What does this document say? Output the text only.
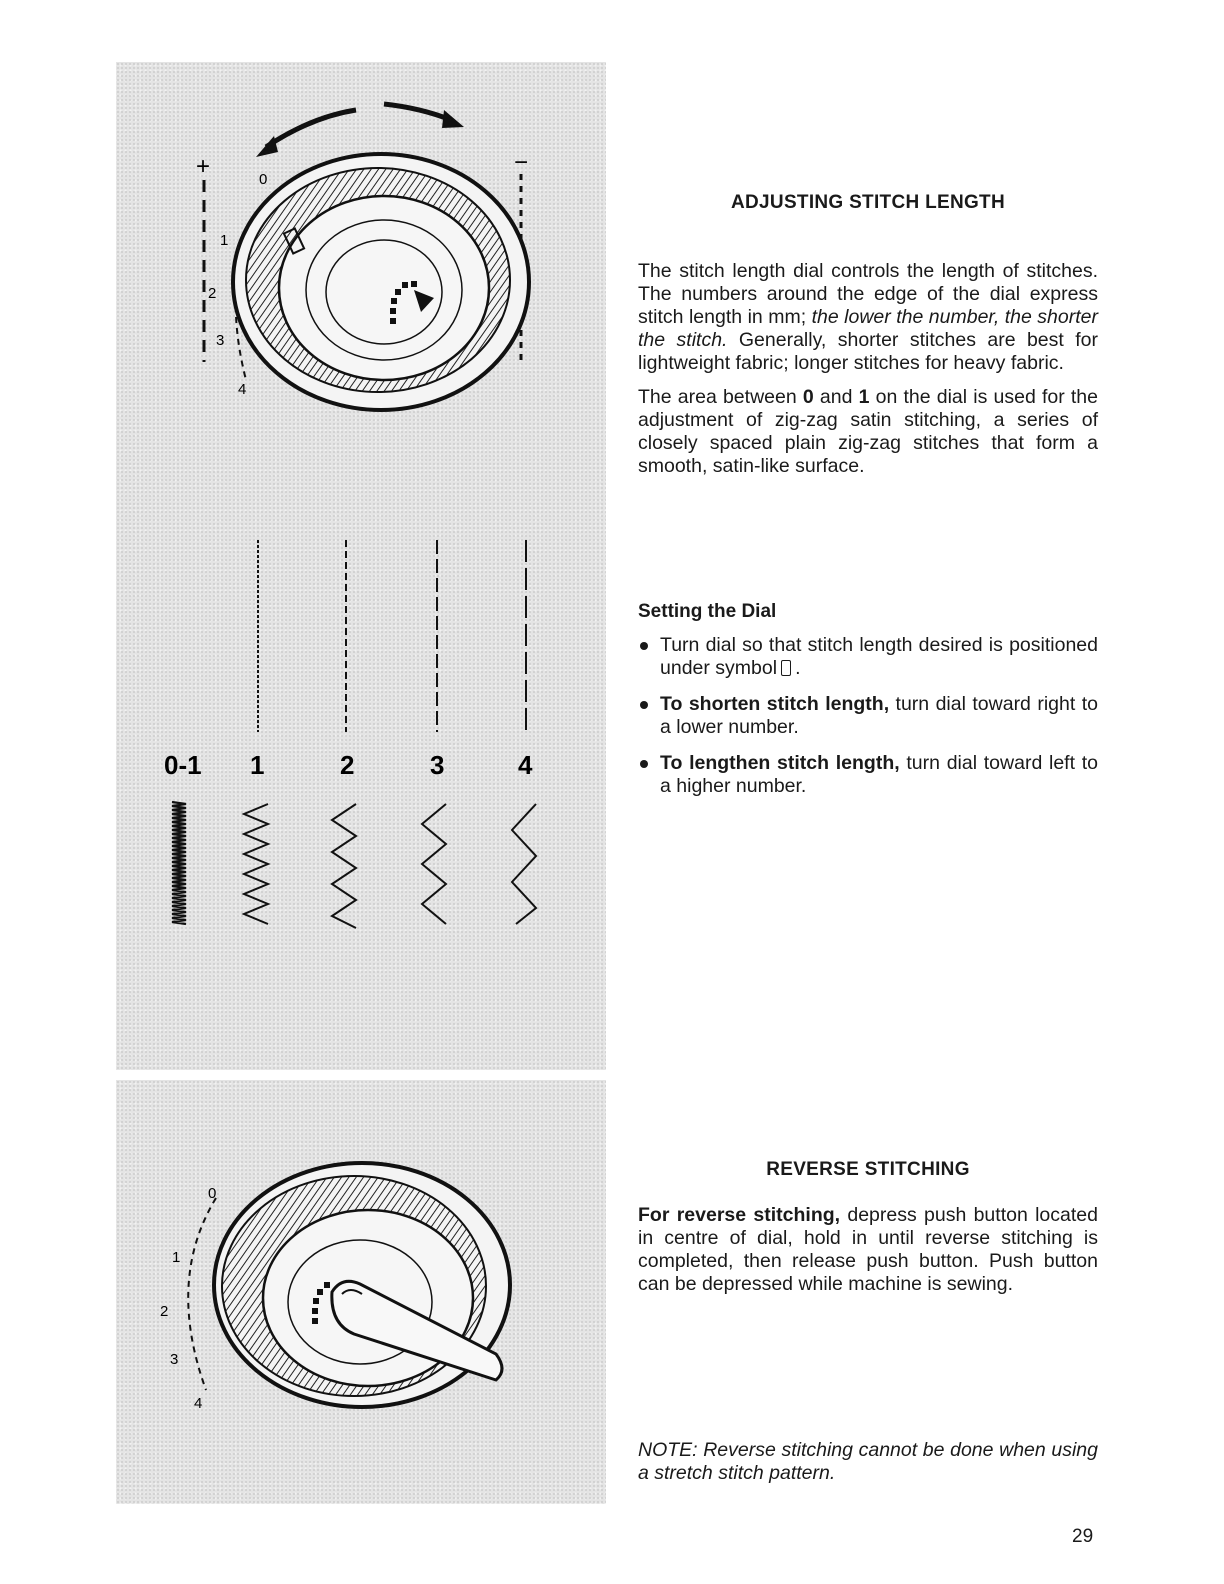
+	−
0
1
2
3
4
0-1 1	2	3	4
0
1
2
3
4
ADJUSTING STITCH LENGTH

The stitch length dial controls the length of stitches. The numbers around the edge of the dial express stitch length in mm; the lower the number, the shorter the stitch. Generally, shorter stitches are best for lightweight fabric; longer stitches for heavy fabric.

The area between 0 and 1 on the dial is used for the adjustment of zig-zag satin stitching, a series of closely spaced plain zig-zag stitches that form a smooth, satin-like surface.

Setting the Dial
Turn dial so that stitch length desired is positioned under symbol .
To shorten stitch length, turn dial toward right to a lower number.
To lengthen stitch length, turn dial toward left to a higher number.
REVERSE STITCHING

For reverse stitching, depress push button located in centre of dial, hold in until reverse stitching is completed, then release push button. Push button can be depressed while machine is sewing.

NOTE: Reverse stitching cannot be done when using a stretch stitch pattern.

29
